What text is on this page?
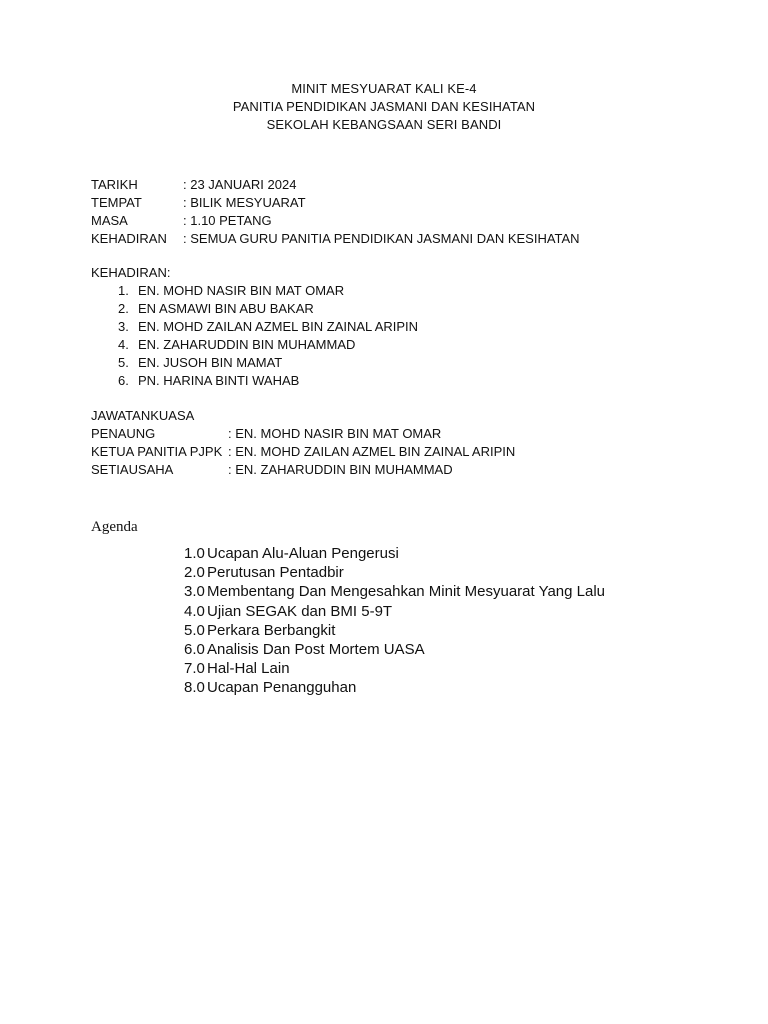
MINIT MESYUARAT KALI KE-4
PANITIA PENDIDIKAN JASMANI DAN KESIHATAN
SEKOLAH KEBANGSAAN SERI BANDI
TARIKH	: 23 JANUARI 2024
TEMPAT	: BILIK MESYUARAT
MASA	: 1.10 PETANG
KEHADIRAN	: SEMUA GURU PANITIA PENDIDIKAN JASMANI DAN KESIHATAN
KEHADIRAN:
1. EN. MOHD NASIR BIN MAT OMAR
2. EN ASMAWI BIN ABU BAKAR
3. EN. MOHD ZAILAN AZMEL BIN ZAINAL ARIPIN
4. EN. ZAHARUDDIN BIN MUHAMMAD
5. EN. JUSOH BIN MAMAT
6. PN. HARINA BINTI WAHAB
JAWATANKUASA
PENAUNG	: EN. MOHD NASIR BIN MAT OMAR
KETUA PANITIA PJPK : EN. MOHD ZAILAN AZMEL BIN ZAINAL ARIPIN
SETIAUSAHA	: EN. ZAHARUDDIN BIN MUHAMMAD
Agenda
1.0 Ucapan Alu-Aluan Pengerusi
2.0 Perutusan Pentadbir
3.0 Membentang Dan Mengesahkan Minit Mesyuarat Yang Lalu
4.0 Ujian SEGAK dan BMI 5-9T
5.0 Perkara Berbangkit
6.0 Analisis Dan Post Mortem UASA
7.0 Hal-Hal Lain
8.0 Ucapan Penangguhan
